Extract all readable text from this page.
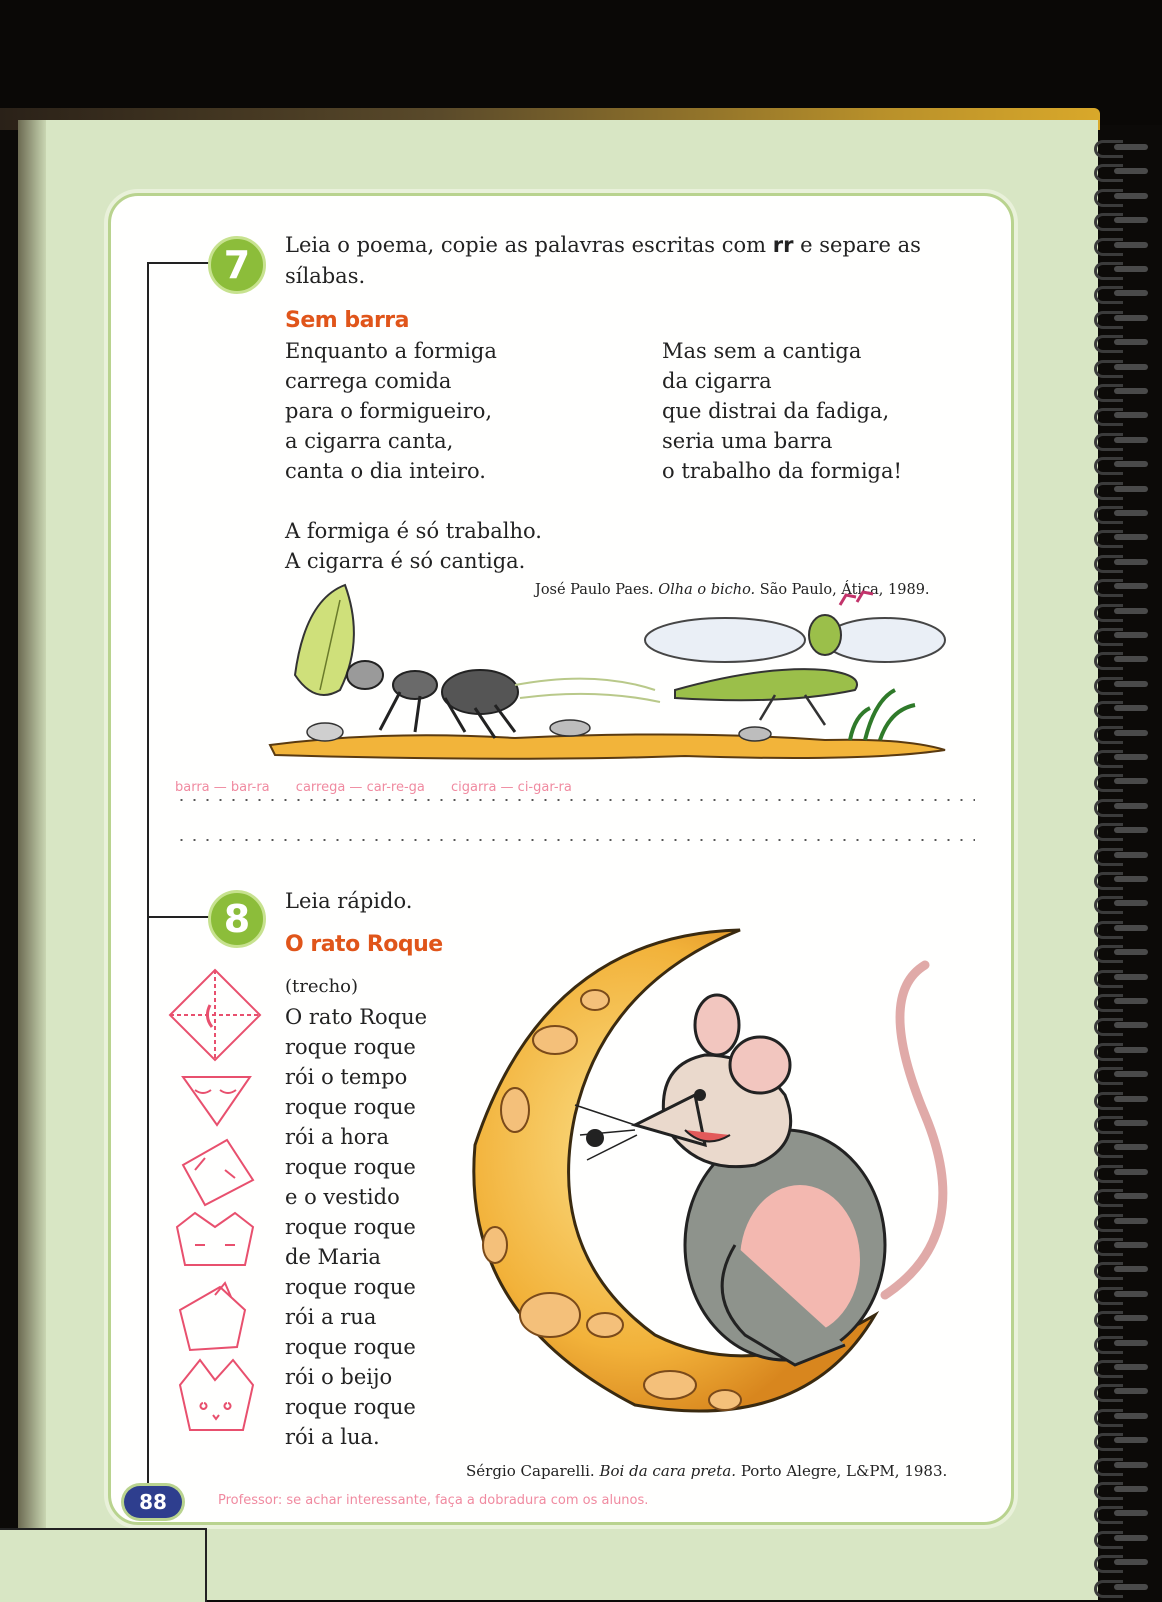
7	Leia o poema, copie as palavras escritas com rr e separe as

sílabas.

Sem barra

Enquanto a formiga
carrega comida
para o formigueiro,
a cigarra canta,
canta o dia inteiro.
Mas sem a cantiga
da cigarra
que distrai da fadiga,
seria uma barra
o trabalho da formiga!
A formiga é só trabalho.
A cigarra é só cantiga.
José Paulo Paes. Olha o bicho. São Paulo, Ática, 1989.
barra — bar-ra carrega — car-re-ga cigarra — ci-gar-ra
8	Leia rápido.

O rato Roque

(trecho)
O rato Roque
roque roque
rói o tempo
roque roque
rói a hora
roque roque
e o vestido
roque roque
de Maria
roque roque
rói a rua
roque roque
rói o beijo
roque roque
rói a lua.
Sérgio Caparelli. Boi da cara preta. Porto Alegre, L&PM, 1983.
88	Professor: se achar interessante, faça a dobradura com os alunos.
